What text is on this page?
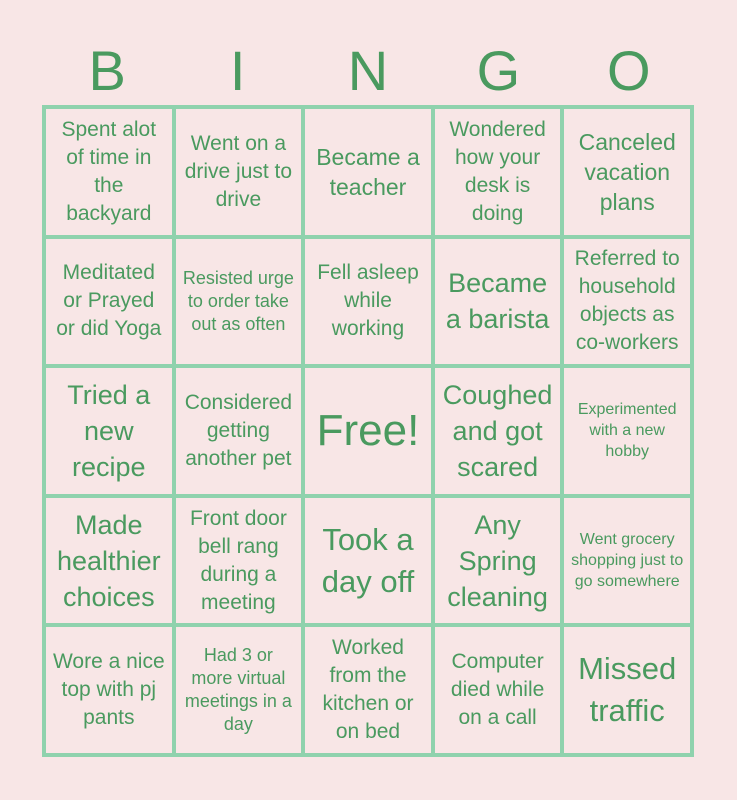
B	I	N	G	O
Spent alot of time in the backyard
Went on a drive just to drive
Became a teacher
Wondered how your desk is doing
Canceled vacation plans
Meditated or Prayed or did Yoga
Resisted urge to order take out as often
Fell asleep while working
Became a barista
Referred to household objects as co-workers
Tried a new recipe
Considered getting another pet
Free!
Coughed and got scared
Experimented with a new hobby
Made healthier choices
Front door bell rang during a meeting
Took a day off
Any Spring cleaning
Went grocery shopping just to go somewhere
Wore a nice top with pj pants
Had 3 or more virtual meetings in a day
Worked from the kitchen or on bed
Computer died while on a call
Missed traffic
